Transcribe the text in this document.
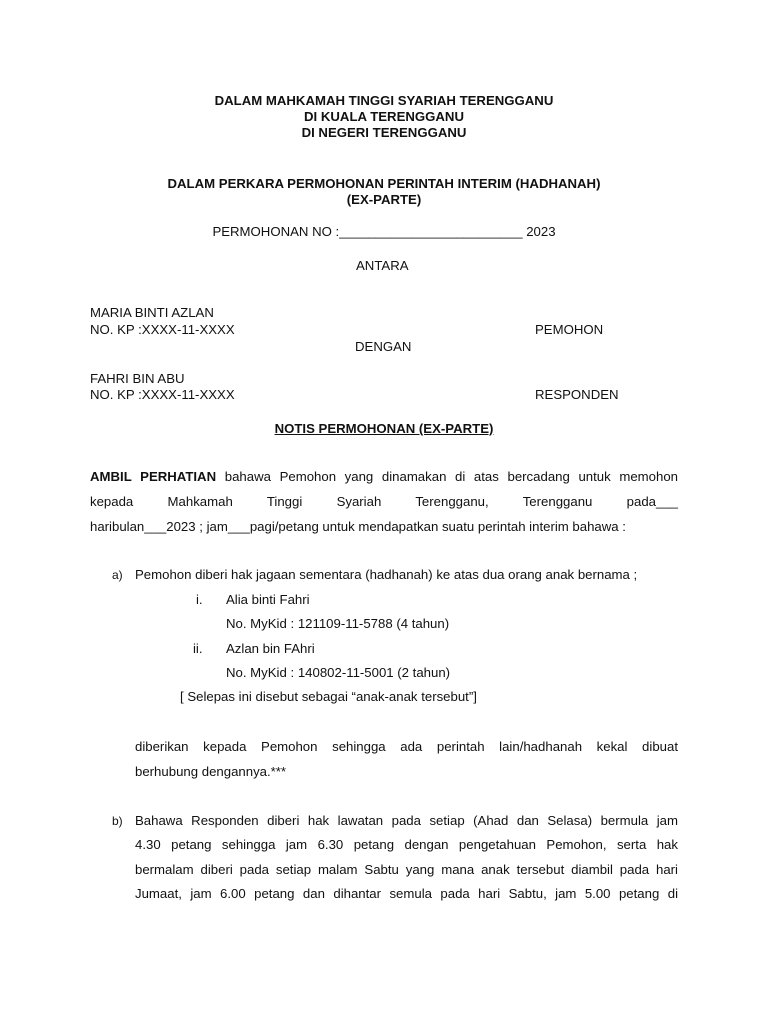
DALAM MAHKAMAH TINGGI SYARIAH TERENGGANU
DI KUALA TERENGGANU
DI NEGERI TERENGGANU
DALAM PERKARA PERMOHONAN PERINTAH INTERIM (HADHANAH)
(EX-PARTE)
PERMOHONAN NO :_________________________ 2023
ANTARA
MARIA BINTI AZLAN
NO. KP :XXXX-11-XXXX	PEMOHON
DENGAN
FAHRI BIN ABU
NO. KP :XXXX-11-XXXX	RESPONDEN
NOTIS PERMOHONAN (EX-PARTE)
AMBIL PERHATIAN bahawa Pemohon yang dinamakan di atas bercadang untuk memohon
kepada Mahkamah Tinggi Syariah Terengganu, Terengganu pada___
haribulan___2023 ; jam___pagi/petang untuk mendapatkan suatu perintah interim bahawa :
a) Pemohon diberi hak jagaan sementara (hadhanah) ke atas dua orang anak bernama ;
i. Alia binti Fahri
No. MyKid : 121109-11-5788 (4 tahun)
ii. Azlan bin FAhri
No. MyKid : 140802-11-5001 (2 tahun)
[ Selepas ini disebut sebagai “anak-anak tersebut”]
diberikan kepada Pemohon sehingga ada perintah lain/hadhanah kekal dibuat
berhubung dengannya.***
b) Bahawa Responden diberi hak lawatan pada setiap (Ahad dan Selasa) bermula jam
4.30 petang sehingga jam 6.30 petang dengan pengetahuan Pemohon, serta hak
bermalam diberi pada setiap malam Sabtu yang mana anak tersebut diambil pada hari
Jumaat, jam 6.00 petang dan dihantar semula pada hari Sabtu, jam 5.00 petang di
